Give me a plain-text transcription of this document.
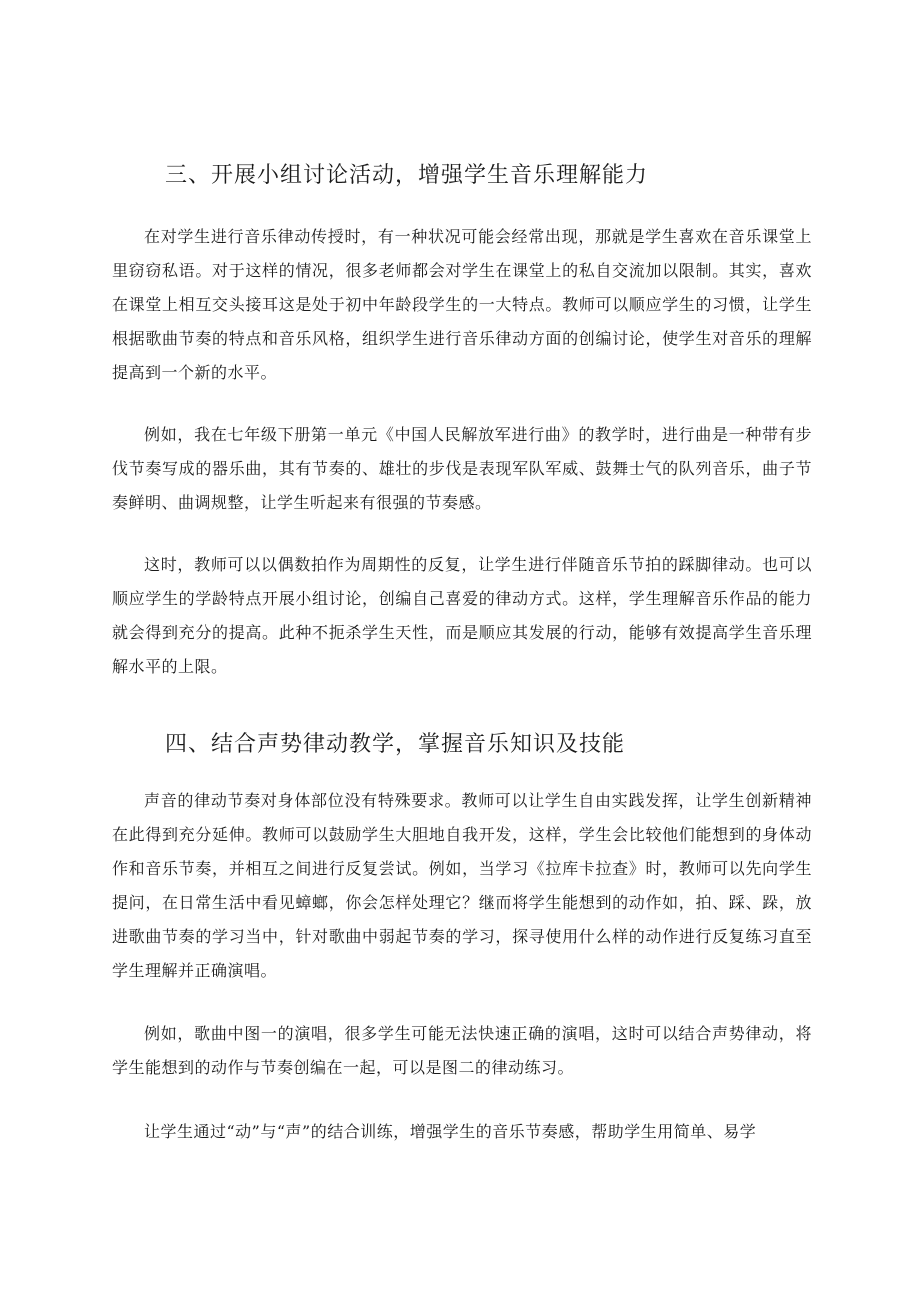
三、开展小组讨论活动，增强学生音乐理解能力

在对学生进行音乐律动传授时，有一种状况可能会经常出现，那就是学生喜欢在音乐课堂上里窃窃私语。对于这样的情况，很多老师都会对学生在课堂上的私自交流加以限制。其实，喜欢在课堂上相互交头接耳这是处于初中年龄段学生的一大特点。教师可以顺应学生的习惯，让学生根据歌曲节奏的特点和音乐风格，组织学生进行音乐律动方面的创编讨论，使学生对音乐的理解提高到一个新的水平。

例如，我在七年级下册第一单元《中国人民解放军进行曲》的教学时，进行曲是一种带有步伐节奏写成的器乐曲，其有节奏的、雄壮的步伐是表现军队军威、鼓舞士气的队列音乐，曲子节奏鲜明、曲调规整，让学生听起来有很强的节奏感。

这时，教师可以以偶数拍作为周期性的反复，让学生进行伴随音乐节拍的踩脚律动。也可以顺应学生的学龄特点开展小组讨论，创编自己喜爱的律动方式。这样，学生理解音乐作品的能力就会得到充分的提高。此种不扼杀学生天性，而是顺应其发展的行动，能够有效提高学生音乐理解水平的上限。

四、结合声势律动教学，掌握音乐知识及技能

声音的律动节奏对身体部位没有特殊要求。教师可以让学生自由实践发挥，让学生创新精神在此得到充分延伸。教师可以鼓励学生大胆地自我开发，这样，学生会比较他们能想到的身体动作和音乐节奏，并相互之间进行反复尝试。例如，当学习《拉库卡拉查》时，教师可以先向学生提问，在日常生活中看见蟑螂，你会怎样处理它？继而将学生能想到的动作如，拍、踩、跺，放进歌曲节奏的学习当中，针对歌曲中弱起节奏的学习，探寻使用什么样的动作进行反复练习直至学生理解并正确演唱。

例如，歌曲中图一的演唱，很多学生可能无法快速正确的演唱，这时可以结合声势律动，将学生能想到的动作与节奏创编在一起，可以是图二的律动练习。

让学生通过“动”与“声”的结合训练，增强学生的音乐节奏感，帮助学生用简单、易学
